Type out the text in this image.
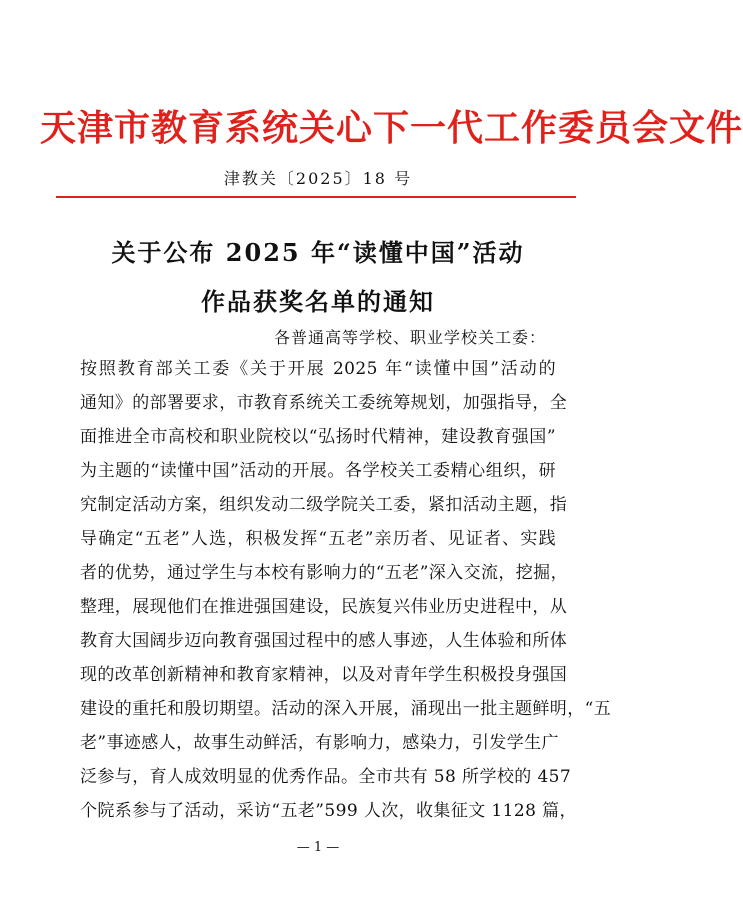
天津市教育系统关心下一代工作委员会文件
津教关〔2025〕18 号
关于公布 2025 年“读懂中国”活动
作品获奖名单的通知
各普通高等学校、职业学校关工委：
按照教育部关工委《关于开展 2025 年“读懂中国”活动的
通知》的部署要求，市教育系统关工委统筹规划，加强指导，全
面推进全市高校和职业院校以“弘扬时代精神，建设教育强国”
为主题的“读懂中国”活动的开展。各学校关工委精心组织，研
究制定活动方案，组织发动二级学院关工委，紧扣活动主题，指
导确定“五老”人选，积极发挥“五老”亲历者、见证者、实践
者的优势，通过学生与本校有影响力的“五老”深入交流，挖掘，
整理，展现他们在推进强国建设，民族复兴伟业历史进程中，从
教育大国阔步迈向教育强国过程中的感人事迹，人生体验和所体
现的改革创新精神和教育家精神，以及对青年学生积极投身强国
建设的重托和殷切期望。活动的深入开展，涌现出一批主题鲜明，“五
老”事迹感人，故事生动鲜活，有影响力，感染力，引发学生广
泛参与，育人成效明显的优秀作品。全市共有 58 所学校的 457
个院系参与了活动，采访“五老”599 人次，收集征文 1128 篇，
— 1 —
